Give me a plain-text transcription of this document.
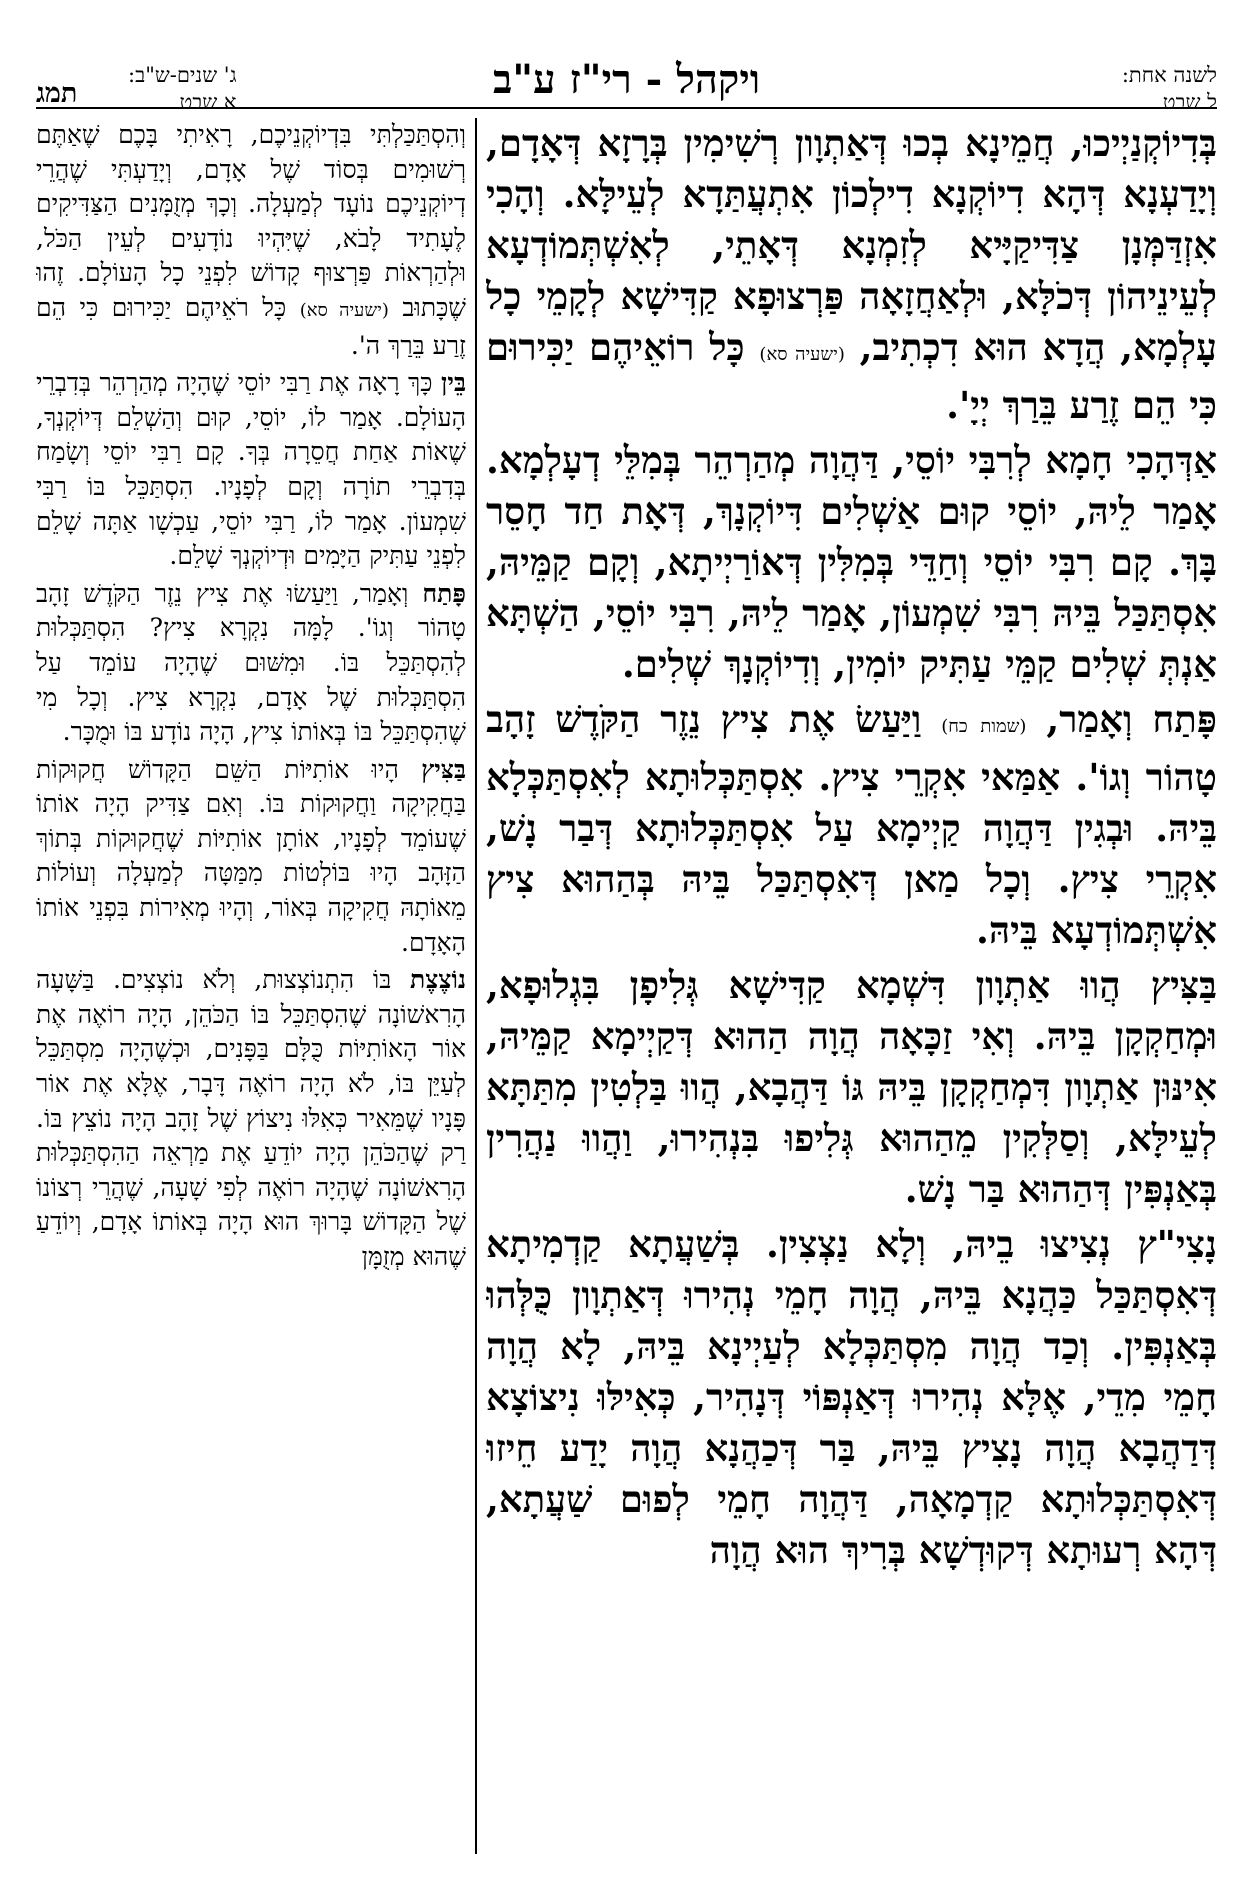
לשנה אחת:
ל שבט
ויקהל - רי"ז ע"ב
ג' שנים-ש"ב:
א שבט
תמג

בְּדִיוֹקְנַיְיכוּ, חֲמֵינָא בְכוּ דְּאַתְוָון רְשִׁימִין בְּרָזָא דְּאָדָם, וְיָדַעְנָא דְּהָא דִיוֹקְנָא דִילְכוֹן אִתְעֲתַּדָא לְעֵילָּא. וְהָכִי אִזְדַּמְּנָן צַדִּיקַיָּיא לְזִמְנָא דְּאָתֵי, לְאִשְׁתְּמוֹדְעָא לְעֵינֵיהוֹן דְּכֹלָּא, וּלְאַחֲזָאָה פַּרְצוּפָא קַדִּישָׁא לְקָמֵי כָל עָלְמָא, הֲדָא הוּא דִכְתִיב, (ישעיה סא) כָּל רוֹאֵיהֶם יַכִּירוּם כִּי הֵם זֶרַע בֵּרַךְ יְיָ'.

אַדְּהָכִי חָמָא לְרִבִּי יוֹסֵי, דַּהֲוָה מְהַרְהֵר בְּמִלֵּי דְעָלְמָא. אָמַר לֵיהּ, יוֹסֵי קוּם אַשְׁלִים דִּיוֹקְנָךְ, דְּאָת חַד חָסֵר בָּךְ. קָם רִבִּי יוֹסֵי וְחַדֵּי בְּמִלִּין דְּאוֹרַיְיתָא, וְקָם קַמֵּיהּ, אִסְתַּכַּל בֵּיהּ רִבִּי שִׁמְעוֹן, אָמַר לֵיהּ, רִבִּי יוֹסֵי, הַשְׁתָּא אַנְתְּ שְׁלִים קַמֵּי עַתִּיק יוֹמִין, וְדִיוֹקְנָךְ שְׁלִים.

פָּתַח וְאָמַר, (שמות כח) וַיַּעַשׂ אֶת צִיץ נֵזֶר הַקֹּדֶשׁ זָהָב טָהוֹר וְגוֹ'. אַמַּאי אִקְרֵי צִיץ. אִסְתַּכְּלוּתָא לְאִסְתַּכְּלָא בֵּיהּ. וּבְגִין דַּהֲוָה קַיְימָא עַל אִסְתַּכְּלוּתָא דְּבַר נָשׁ, אִקְרֵי צִיץ. וְכָל מַאן דְּאִסְתַּכַּל בֵּיהּ בְּהַהוּא צִיץ אִשְׁתְּמוֹדְעָא בֵּיהּ.

בַּצִּיץ הֲווּ אַתְוָון דִּשְׁמָא קַדִּישָׁא גְּלִיפָן בִּגְלוּפָא, וּמְחַקְקָן בֵּיהּ. וְאִי זַכָּאָה הֲוָה הַהוּא דְּקַיְימָא קַמֵּיהּ, אִינּוּן אַתְוָון דִּמְחַקְקָן בֵּיהּ גּוֹ דַּהֲבָא, הֲווּ בַּלְטִין מִתַּתָּא לְעֵילָּא, וְסַלְּקִין מֵהַהוּא גְּלִיפוּ בִּנְהִירוּ, וַהֲווּ נַהֲרִין בְּאַנְפִּין דְּהַהוּא בַּר נָשׁ.

נָצִי"ץ נְצִיצוּ בֵיהּ, וְלָא נַצְצִין. בְּשַׁעֲתָא קַדְמִיתָא דְּאִסְתַּכַּל כַּהֲנָא בֵּיהּ, הֲוָה חָמֵי נְהִירוּ דְּאַתְוָון כֻּלְּהוּ בְּאַנְפִּין. וְכַד הֲוָה מִסְתַּכְּלָא לְעַיְינָא בֵּיהּ, לָא הֲוָה חָמֵי מִדֵי, אֶלָּא נְהִירוּ דְּאַנְפּוֹי דְּנָהִיר, כְּאִילּוּ נִיצוֹצָא דְּדַהֲבָא הֲוָה נָצִיץ בֵּיהּ, בַּר דְּכַהֲנָא הֲוָה יָדַע חֵיזוּ דְּאִסְתַּכְּלוּתָא קַדְמָאָה, דַּהֲוָה חָמֵי לְפוּם שַׁעֲתָא, דְּהָא רְעוּתָא דְּקוּדְשָׁא בְּרִיךְ הוּא הֲוָה

וְהִסְתַּכַּלְתִּי בִּדְיוֹקְנֵיכֶם, רָאִיתִי בָּכֶם שֶׁאַתֶּם רְשׁוּמִים בְּסוֹד שֶׁל אָדָם, וְיָדַעְתִּי שֶׁהֲרֵי דְיוֹקְנֵיכֶם נוֹעָד לְמַעְלָה. וְכָךְ מְזֻמָּנִים הַצַּדִּיקִים לֶעָתִיד לָבֹא, שֶׁיִּהְיוּ נוֹדָעִים לְעֵין הַכֹּל, וּלְהַרְאוֹת פַּרְצוּף קָדוֹשׁ לִפְנֵי כָל הָעוֹלָם. זֶהוּ שֶׁכָּתוּב (ישעיה סא) כָּל רֹאֵיהֶם יַכִּירוּם כִּי הֵם זֶרַע בֵּרַךְ ה'.

בֵּין כָּךְ רָאָה אֶת רַבִּי יוֹסֵי שֶׁהָיָה מְהַרְהֵר בְּדִבְרֵי הָעוֹלָם. אָמַר לוֹ, יוֹסֵי, קוּם וְהַשְׁלֵם דְּיוֹקְנְךָ, שֶׁאוֹת אַחַת חֲסֵרָה בְּךָ. קָם רַבִּי יוֹסֵי וְשָׂמַח בְּדִבְרֵי תוֹרָה וְקָם לְפָנָיו. הִסְתַּכֵּל בּוֹ רַבִּי שִׁמְעוֹן. אָמַר לוֹ, רַבִּי יוֹסֵי, עַכְשָׁו אַתָּה שָׁלֵם לִפְנֵי עַתִּיק הַיָּמִים וּדְיוֹקְנְךָ שָׁלֵם.

פָּתַח וְאָמַר, וַיַּעַשׂוּ אֶת צִיץ נֵזֶר הַקֹּדֶשׁ זָהָב טָהוֹר וְגוֹ'. לָמָּה נִקְרָא צִיץ? הִסְתַּכְּלוּת לְהִסְתַּכֵּל בּוֹ. וּמִשּׁוּם שֶׁהָיָה עוֹמֵד עַל הִסְתַּכְּלוּת שֶׁל אָדָם, נִקְרָא צִיץ. וְכָל מִי שֶׁהִסְתַּכֵּל בּוֹ בְּאוֹתוֹ צִיץ, הָיָה נוֹדָע בּוֹ וּמֻכָּר.

בַּצִּיץ הָיוּ אוֹתִיּוֹת הַשֵּׁם הַקָּדוֹשׁ חֲקוּקוֹת בַּחֲקִיקָה וַחֲקוּקוֹת בּוֹ. וְאִם צַדִּיק הָיָה אוֹתוֹ שֶׁעוֹמֵד לְפָנָיו, אוֹתָן אוֹתִיּוֹת שֶׁחֲקוּקוֹת בְּתוֹךְ הַזָּהָב הָיוּ בּוֹלְטוֹת מִמַּטָּה לְמַעְלָה וְעוֹלוֹת מֵאוֹתָהּ חֲקִיקָה בְּאוֹר, וְהָיוּ מְאִירוֹת בִּפְנֵי אוֹתוֹ הָאָדָם.

נוֹצֶצֶת בּוֹ הִתְנוֹצְצוּת, וְלֹא נוֹצְצִים. בַּשָּׁעָה הָרִאשׁוֹנָה שֶׁהִסְתַּכֵּל בּוֹ הַכֹּהֵן, הָיָה רוֹאֶה אֶת אוֹר הָאוֹתִיּוֹת כֻּלָּם בַּפָּנִים, וּכְשֶׁהָיָה מִסְתַּכֵּל לְעַיֵּן בּוֹ, לֹא הָיָה רוֹאֶה דָּבָר, אֶלָּא אֶת אוֹר פָּנָיו שֶׁמֵּאִיר כְּאִלּוּ נִיצוֹץ שֶׁל זָהָב הָיָה נוֹצֵץ בּוֹ. רַק שֶׁהַכֹּהֵן הָיָה יוֹדֵעַ אֶת מַרְאֵה הַהִסְתַּכְּלוּת הָרִאשׁוֹנָה שֶׁהָיָה רוֹאֶה לְפִי שָׁעָה, שֶׁהֲרֵי רְצוֹנוֹ שֶׁל הַקָּדוֹשׁ בָּרוּךְ הוּא הָיָה בְּאוֹתוֹ אָדָם, וְיוֹדֵעַ שֶׁהוּא מְזֻמָּן
